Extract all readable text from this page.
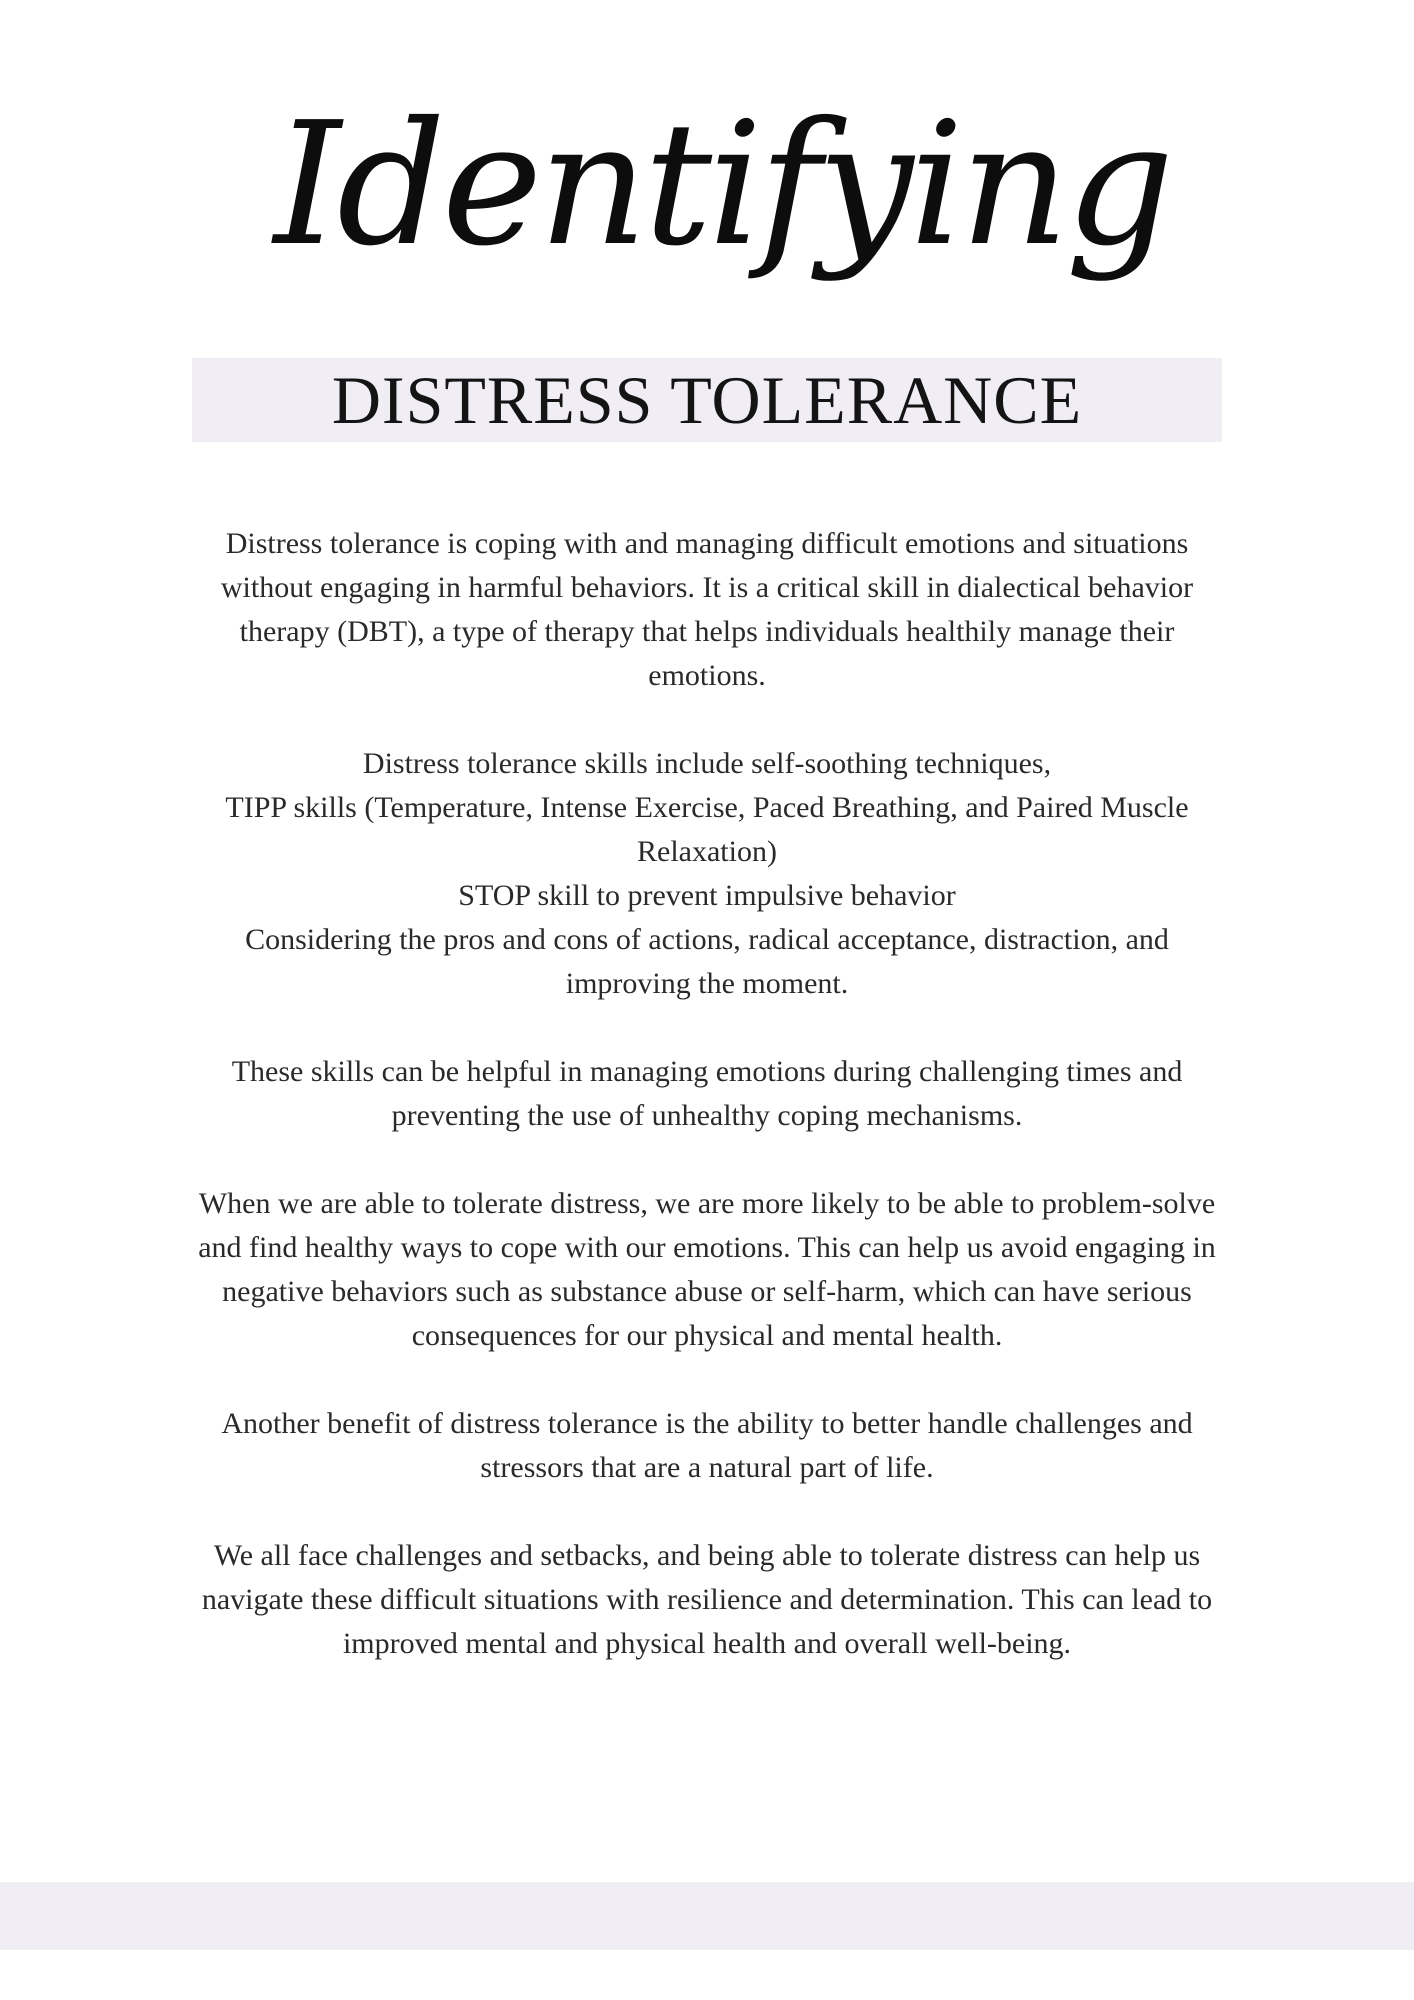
Identifying
DISTRESS TOLERANCE

Distress tolerance is coping with and managing difficult emotions and situations
without engaging in harmful behaviors. It is a critical skill in dialectical behavior
therapy (DBT), a type of therapy that helps individuals healthily manage their
emotions.

Distress tolerance skills include self-soothing techniques,
TIPP skills (Temperature, Intense Exercise, Paced Breathing, and Paired Muscle
Relaxation)
STOP skill to prevent impulsive behavior
Considering the pros and cons of actions, radical acceptance, distraction, and
improving the moment.

These skills can be helpful in managing emotions during challenging times and
preventing the use of unhealthy coping mechanisms.

When we are able to tolerate distress, we are more likely to be able to problem-solve
and find healthy ways to cope with our emotions. This can help us avoid engaging in
negative behaviors such as substance abuse or self-harm, which can have serious
consequences for our physical and mental health.

Another benefit of distress tolerance is the ability to better handle challenges and
stressors that are a natural part of life.

We all face challenges and setbacks, and being able to tolerate distress can help us
navigate these difficult situations with resilience and determination. This can lead to
improved mental and physical health and overall well-being.
